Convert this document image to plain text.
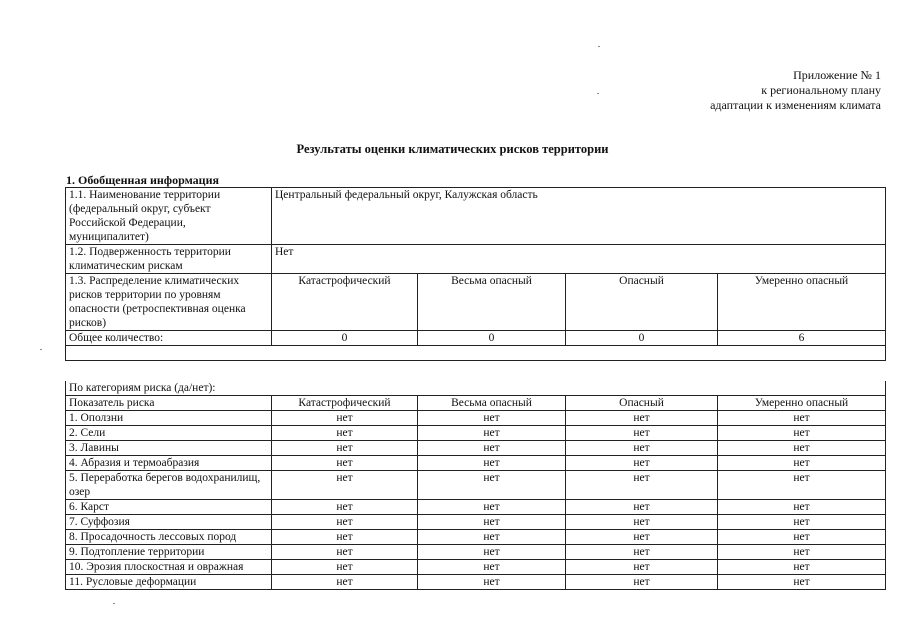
Приложение № 1
к региональному плану
адаптации к изменениям климата
Результаты оценки климатических рисков территории
1. Обобщенная информация
1.1. Наименование территории (федеральный округ, субъект Российской Федерации, муниципалитет)	Центральный федеральный округ, Калужская область			
1.2. Подверженность территории климатическим рискам	Нет			
1.3. Распределение климатических рисков территории по уровням опасности (ретроспективная оценка рисков)	Катастрофический	Весьма опасный	Опасный	Умеренно опасный
Общее количество:	0	0	0	6

По категориям риска (да/нет):				
Показатель риска	Катастрофический	Весьма опасный	Опасный	Умеренно опасный
1. Оползни	нет	нет	нет	нет
2. Сели	нет	нет	нет	нет
3. Лавины	нет	нет	нет	нет
4. Абразия и термоабразия	нет	нет	нет	нет
5. Переработка берегов водохранилищ, озер	нет	нет	нет	нет
6. Карст	нет	нет	нет	нет
7. Суффозия	нет	нет	нет	нет
8. Просадочность лессовых пород	нет	нет	нет	нет
9. Подтопление территории	нет	нет	нет	нет
10. Эрозия плоскостная и овражная	нет	нет	нет	нет
11. Русловые деформации	нет	нет	нет	нет
